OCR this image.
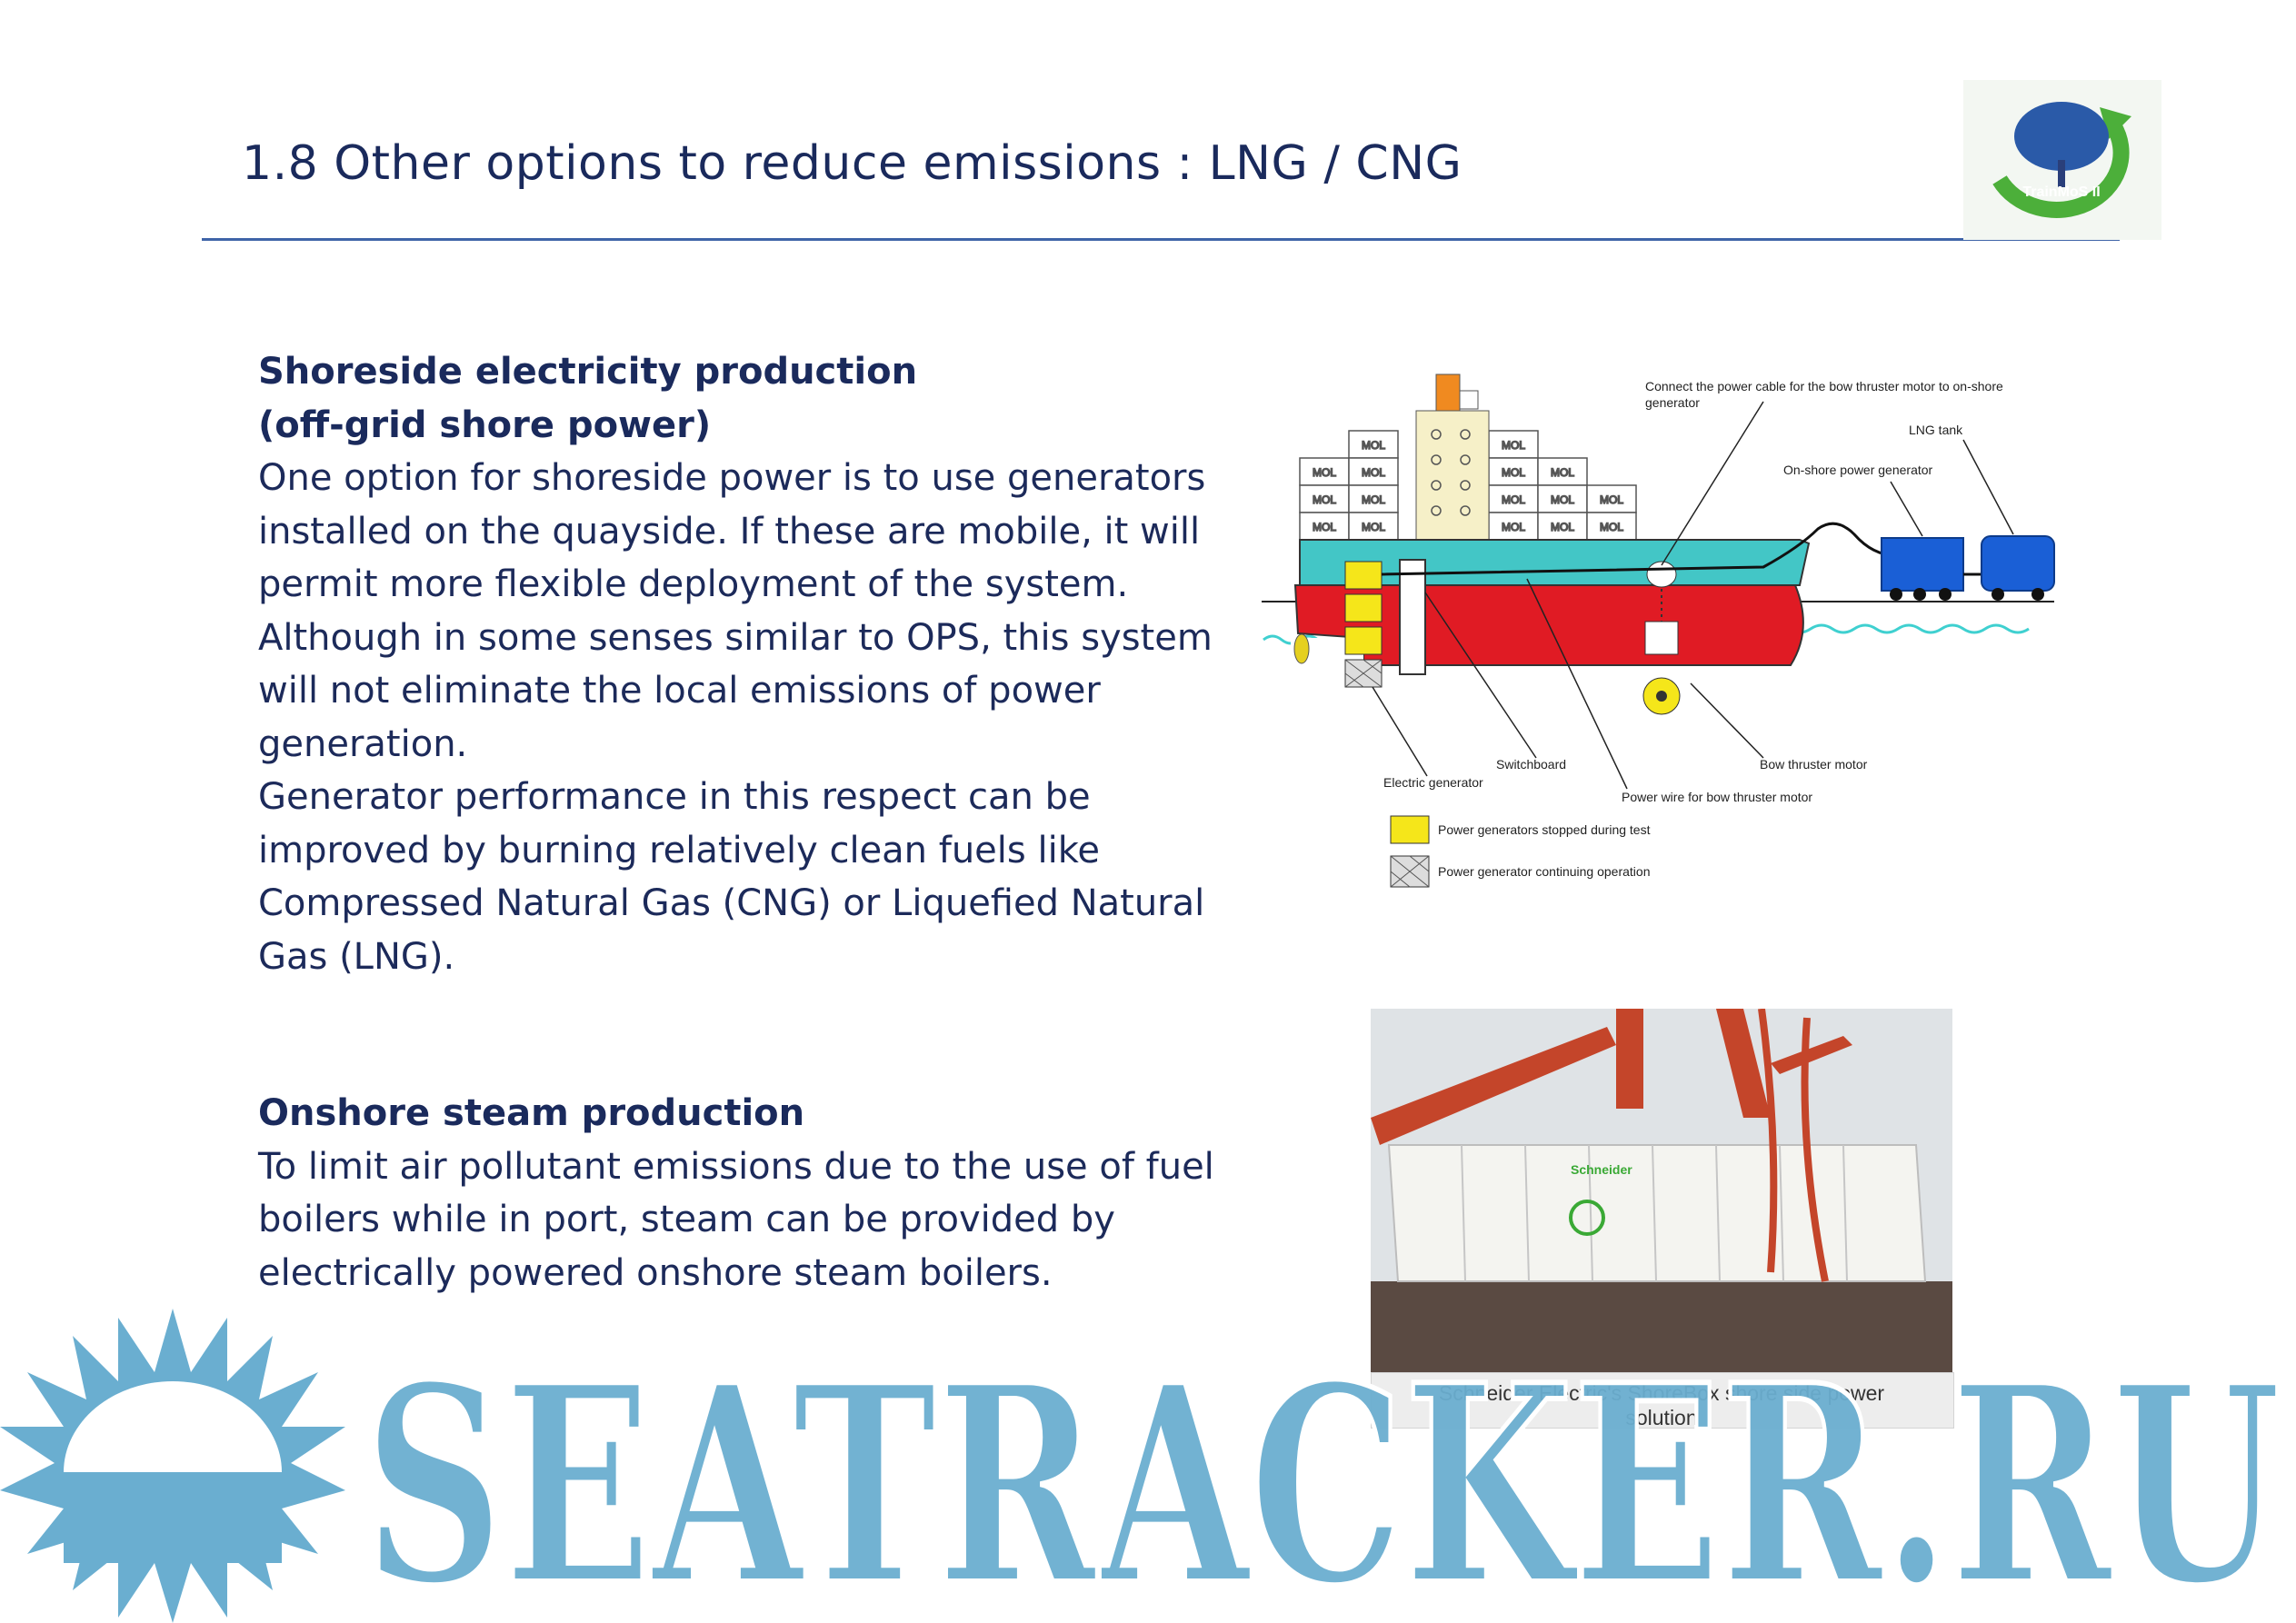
1.8 Other options to reduce emissions : LNG / CNG
TrainMoS II
Shoreside electricity production
(off-grid shore power)
One option for shoreside power is to use generators
installed on the quayside. If these are mobile, it will
permit more flexible deployment of the system.
Although in some senses similar to OPS, this system
will not eliminate the local emissions of power
generation.
Generator performance in this respect can be
improved by burning relatively clean fuels like
Compressed Natural Gas (CNG) or Liquefied Natural
Gas (LNG).
Onshore steam production
To limit air pollutant emissions due to the use of fuel
boilers while in port, steam can be provided by
electrically powered onshore steam boilers.
MOL
MOL
MOL
MOL
MOL
MOL
MOL
MOL
MOL
MOL
MOL
MOL
MOL
MOL
MOL
MOL
Connect the power cable for the bow thruster motor to on-shore
generator
LNG tank
On-shore power generator
Switchboard
Electric generator
Power wire for bow thruster motor
Bow thruster motor
Power generators stopped during test
Power generator continuing operation
Schneider
Schneider Electric's ShoreBox shore side power
solution
SEATRACKER.RU
